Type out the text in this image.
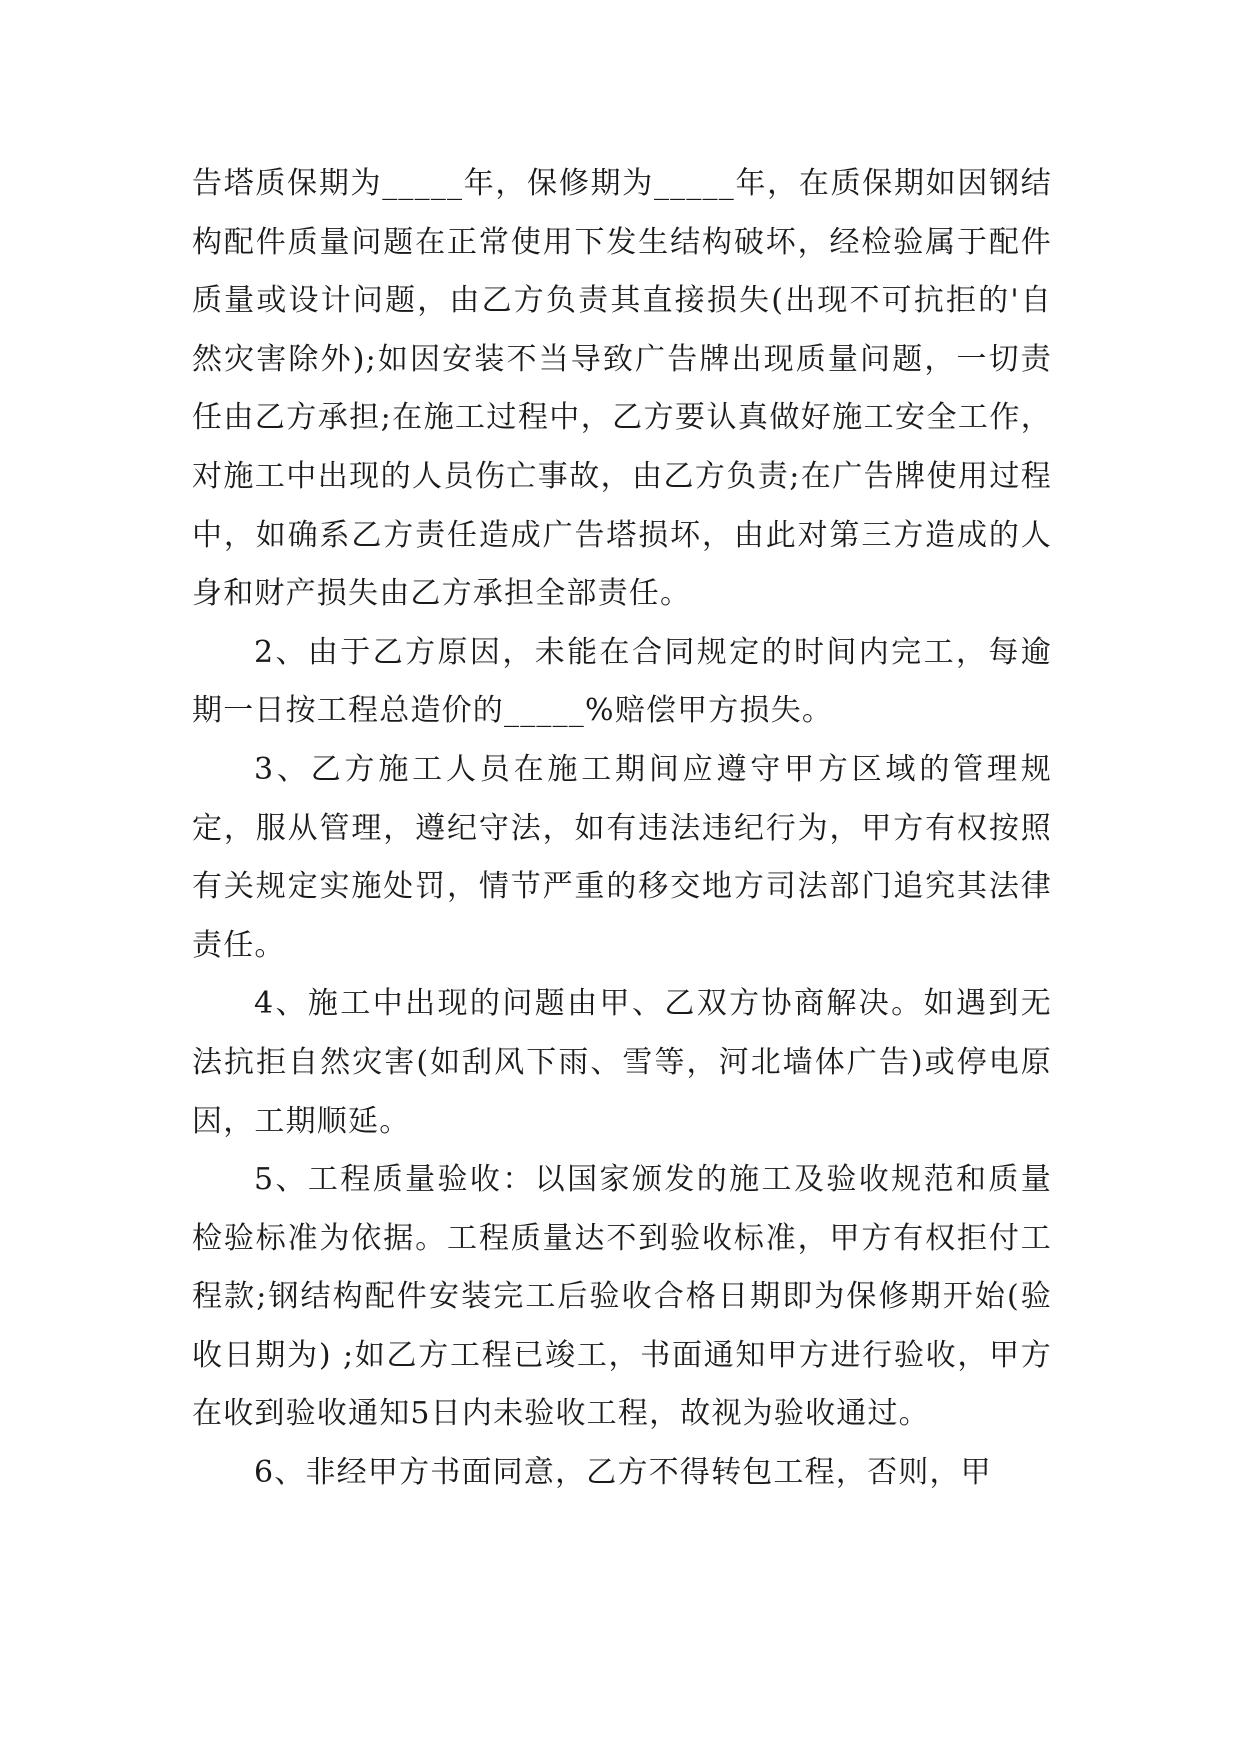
告塔质保期为_____年，保修期为_____年，在质保期如因钢结构配件质量问题在正常使用下发生结构破坏，经检验属于配件质量或设计问题，由乙方负责其直接损失(出现不可抗拒的'自然灾害除外);如因安装不当导致广告牌出现质量问题，一切责任由乙方承担;在施工过程中，乙方要认真做好施工安全工作，对施工中出现的人员伤亡事故，由乙方负责;在广告牌使用过程中，如确系乙方责任造成广告塔损坏，由此对第三方造成的人身和财产损失由乙方承担全部责任。

2、由于乙方原因，未能在合同规定的时间内完工，每逾期一日按工程总造价的_____%赔偿甲方损失。

3、乙方施工人员在施工期间应遵守甲方区域的管理规定，服从管理，遵纪守法，如有违法违纪行为，甲方有权按照有关规定实施处罚，情节严重的移交地方司法部门追究其法律责任。

4、施工中出现的问题由甲、乙双方协商解决。如遇到无法抗拒自然灾害(如刮风下雨、雪等，河北墙体广告)或停电原因，工期顺延。

5、工程质量验收：以国家颁发的施工及验收规范和质量检验标准为依据。工程质量达不到验收标准，甲方有权拒付工程款;钢结构配件安装完工后验收合格日期即为保修期开始(验收日期为) ;如乙方工程已竣工，书面通知甲方进行验收，甲方在收到验收通知5日内未验收工程，故视为验收通过。

6、非经甲方书面同意，乙方不得转包工程，否则，甲
